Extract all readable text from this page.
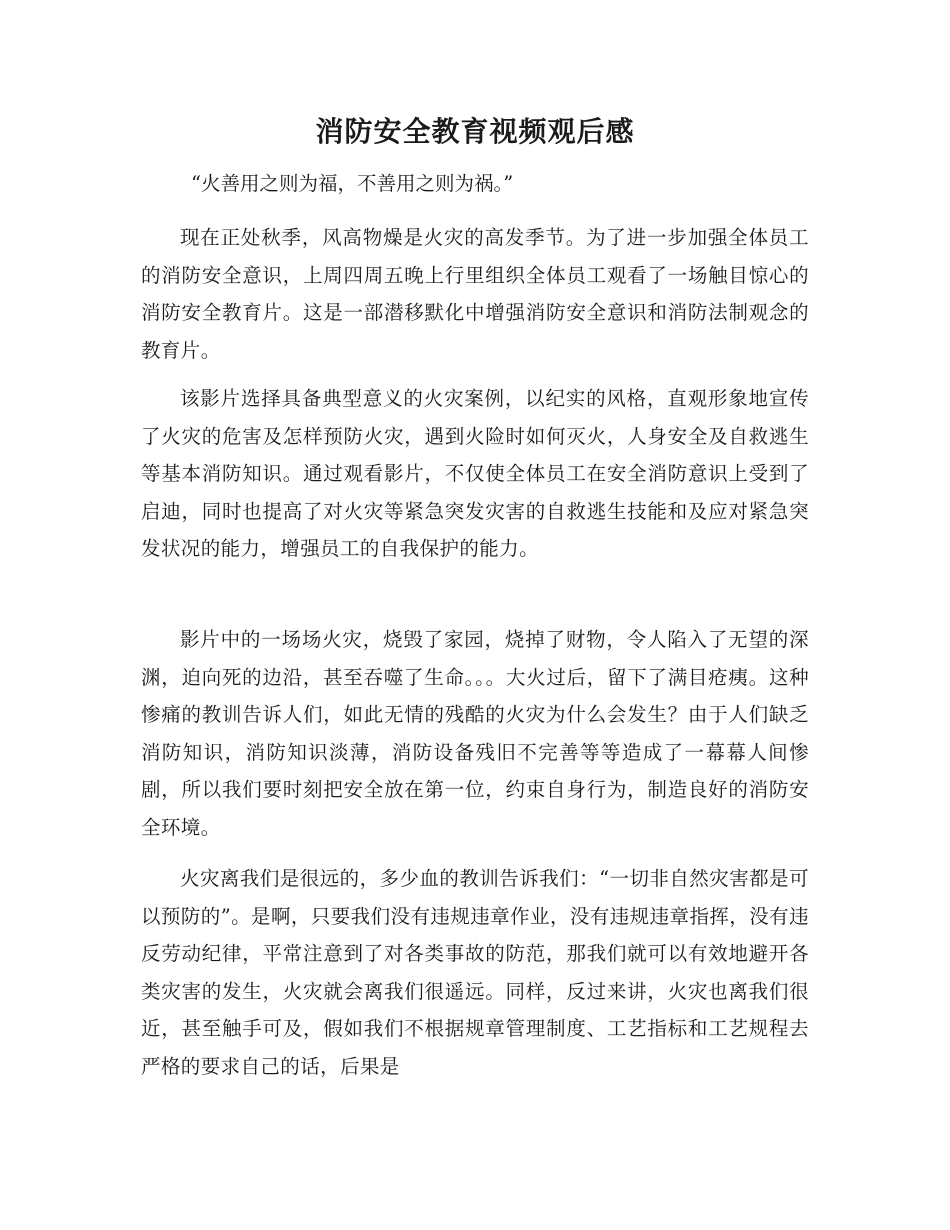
消防安全教育视频观后感
“火善用之则为福，不善用之则为祸。”

现在正处秋季，风高物燥是火灾的高发季节。为了进一步加强全体员工的消防安全意识，上周四周五晚上行里组织全体员工观看了一场触目惊心的消防安全教育片。这是一部潜移默化中增强消防安全意识和消防法制观念的教育片。

该影片选择具备典型意义的火灾案例，以纪实的风格，直观形象地宣传了火灾的危害及怎样预防火灾，遇到火险时如何灭火，人身安全及自救逃生等基本消防知识。通过观看影片，不仅使全体员工在安全消防意识上受到了启迪，同时也提高了对火灾等紧急突发灾害的自救逃生技能和及应对紧急突发状况的能力，增强员工的自我保护的能力。

影片中的一场场火灾，烧毁了家园，烧掉了财物，令人陷入了无望的深渊，迫向死的边沿，甚至吞噬了生命。。。大火过后，留下了满目疮痍。这种惨痛的教训告诉人们，如此无情的残酷的火灾为什么会发生？由于人们缺乏消防知识，消防知识淡薄，消防设备残旧不完善等等造成了一幕幕人间惨剧，所以我们要时刻把安全放在第一位，约束自身行为，制造良好的消防安全环境。

火灾离我们是很远的，多少血的教训告诉我们：“一切非自然灾害都是可以预防的”。是啊，只要我们没有违规违章作业，没有违规违章指挥，没有违反劳动纪律，平常注意到了对各类事故的防范，那我们就可以有效地避开各类灾害的发生，火灾就会离我们很遥远。同样，反过来讲，火灾也离我们很近，甚至触手可及，假如我们不根据规章管理制度、工艺指标和工艺规程去严格的要求自己的话，后果是
